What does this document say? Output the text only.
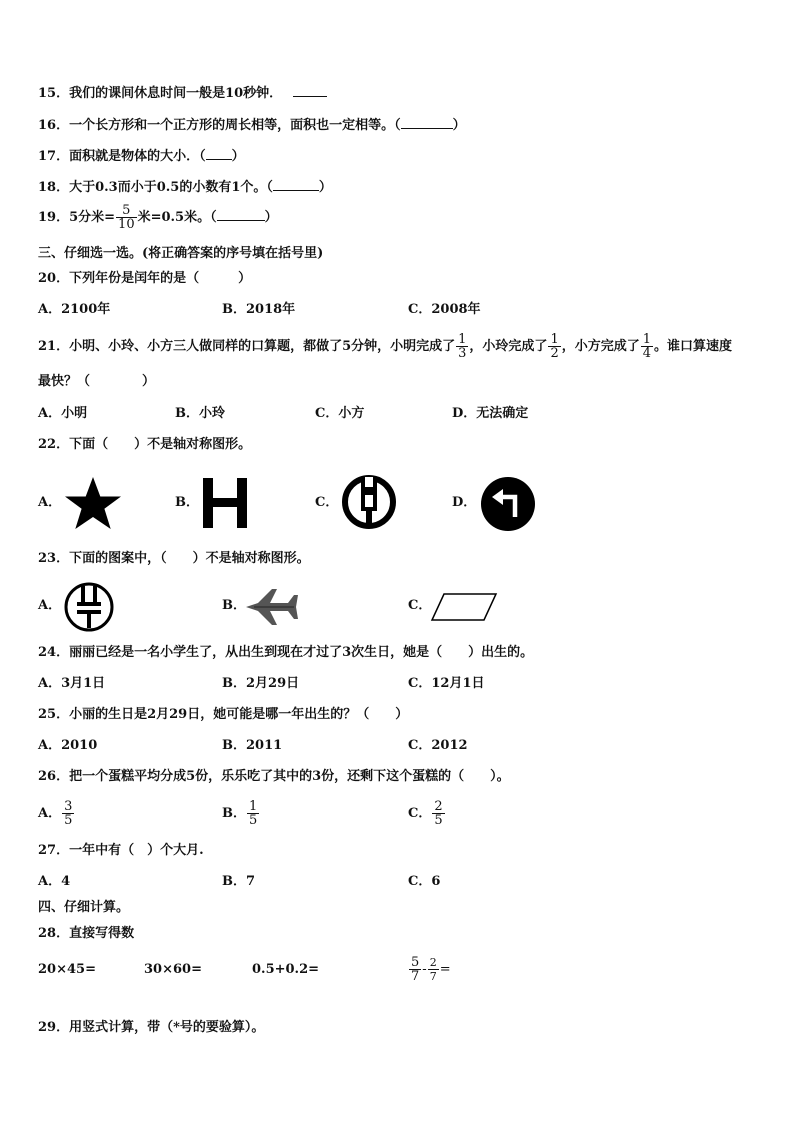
15．我们的课间休息时间一般是10秒钟．
16．一个长方形和一个正方形的周长相等，面积也一定相等。（	）
17．面积就是物体的大小．（ ）
18．大于0.3而小于0.5的小数有1个。（	）
19．5分米= $\frac{5}{10}$ 米=0.5米。（	）
三、仔细选一选。(将正确答案的序号填在括号里)
20．下列年份是闰年的是（　　　）
A．2100年	B．2018年	C．2008年
21．小明、小玲、小方三人做同样的口算题，都做了5分钟，小明完成了 $\frac{1}{3}$ ，小玲完成了 $\frac{1}{2}$ ，小方完成了 $\frac{1}{4}$ 。谁口算速度
最快？（　　　　）
A．小明	B．小玲	C．小方	D．无法确定
22．下面（　　）不是轴对称图形。
A．	B．	C．	D．
23．下面的图案中，（　　）不是轴对称图形。
A．	B．	C．
24．丽丽已经是一名小学生了，从出生到现在才过了3次生日，她是（　　）出生的。
A．3月1日	B．2月29日	C．12月1日
25．小丽的生日是2月29日，她可能是哪一年出生的？（　　）
A．2010	B．2011	C．2012
26．把一个蛋糕平均分成5份，乐乐吃了其中的3份，还剩下这个蛋糕的（　　）。
A． $\frac{3}{5}$	B． $\frac{1}{5}$	C． $\frac{2}{5}$
27．一年中有（　）个大月.
A．4	B．7	C．6
四、仔细计算。
28．直接写得数
20×45=	30×60=	0.5+0.2=	$\frac{5}{7} - \frac{2}{7}$ =
29．用竖式计算，带（*号的要验算）。
